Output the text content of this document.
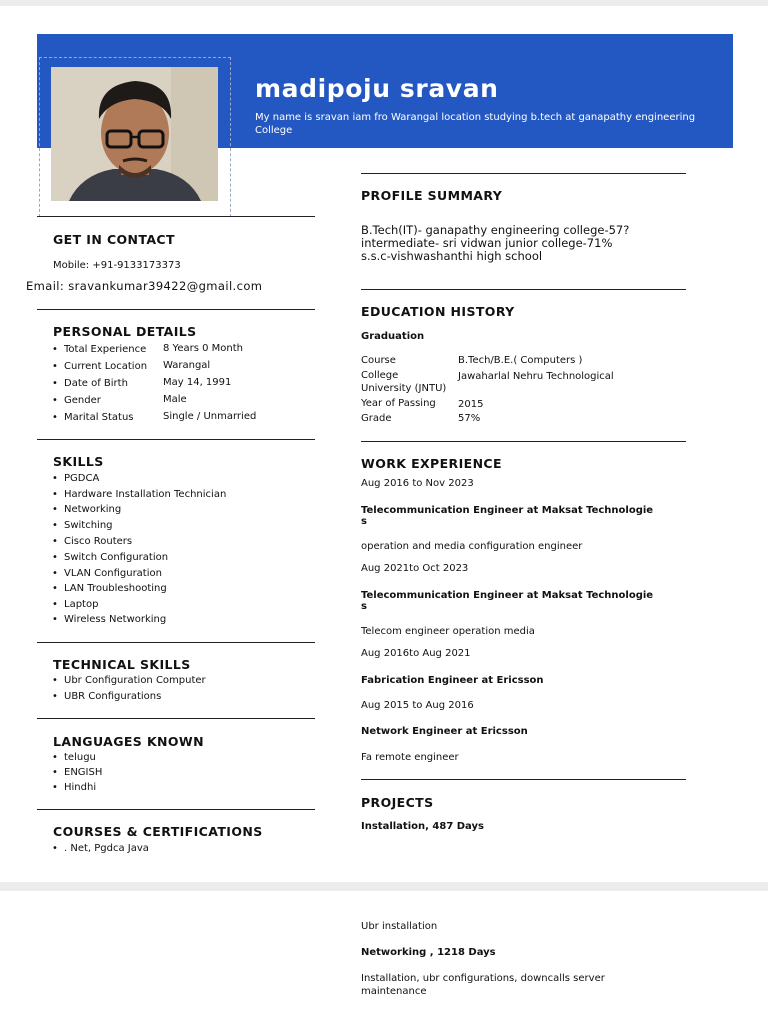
madipoju sravan
My name is sravan iam fro Warangal location studying b.tech at ganapathy engineering College
GET IN CONTACT
Mobile: +91-9133173373
Email: sravankumar39422@gmail.com
PERSONAL DETAILS
• Total Experience 8 Years 0 Month
• Current Location Warangal
• Date of Birth	May 14, 1991
• Gender	Male
• Marital Status	Single / Unmarried
SKILLS
• PGDCA
• Hardware Installation Technician
• Networking
• Switching
• Cisco Routers
• Switch Configuration
• VLAN Configuration
• LAN Troubleshooting
• Laptop
• Wireless Networking
TECHNICAL SKILLS
• Ubr Configuration Computer
• UBR Configurations
LANGUAGES KNOWN
• telugu
• ENGISH
• Hindhi
COURSES & CERTIFICATIONS
• . Net, Pgdca Java
PROFILE SUMMARY
B.Tech(IT)- ganapathy engineering college-57?
intermediate- sri vidwan junior college-71%
s.s.c-vishwashanthi high school
EDUCATION HISTORY
Graduation
Course	B.Tech/B.E.( Computers )
College	Jawaharlal Nehru Technological
University (JNTU)
Year of Passing 2015
Grade	57%
WORK EXPERIENCE
Aug 2016 to Nov 2023
Telecommunication Engineer at Maksat Technologie
s
operation and media configuration engineer
Aug 2021to Oct 2023
Telecommunication Engineer at Maksat Technologie
s
Telecom engineer operation media
Aug 2016to Aug 2021
Fabrication Engineer at Ericsson
Aug 2015 to Aug 2016
Network Engineer at Ericsson
Fa remote engineer
PROJECTS
Installation, 487 Days
Ubr installation
Networking , 1218 Days
Installation, ubr configurations, downcalls server
maintenance
